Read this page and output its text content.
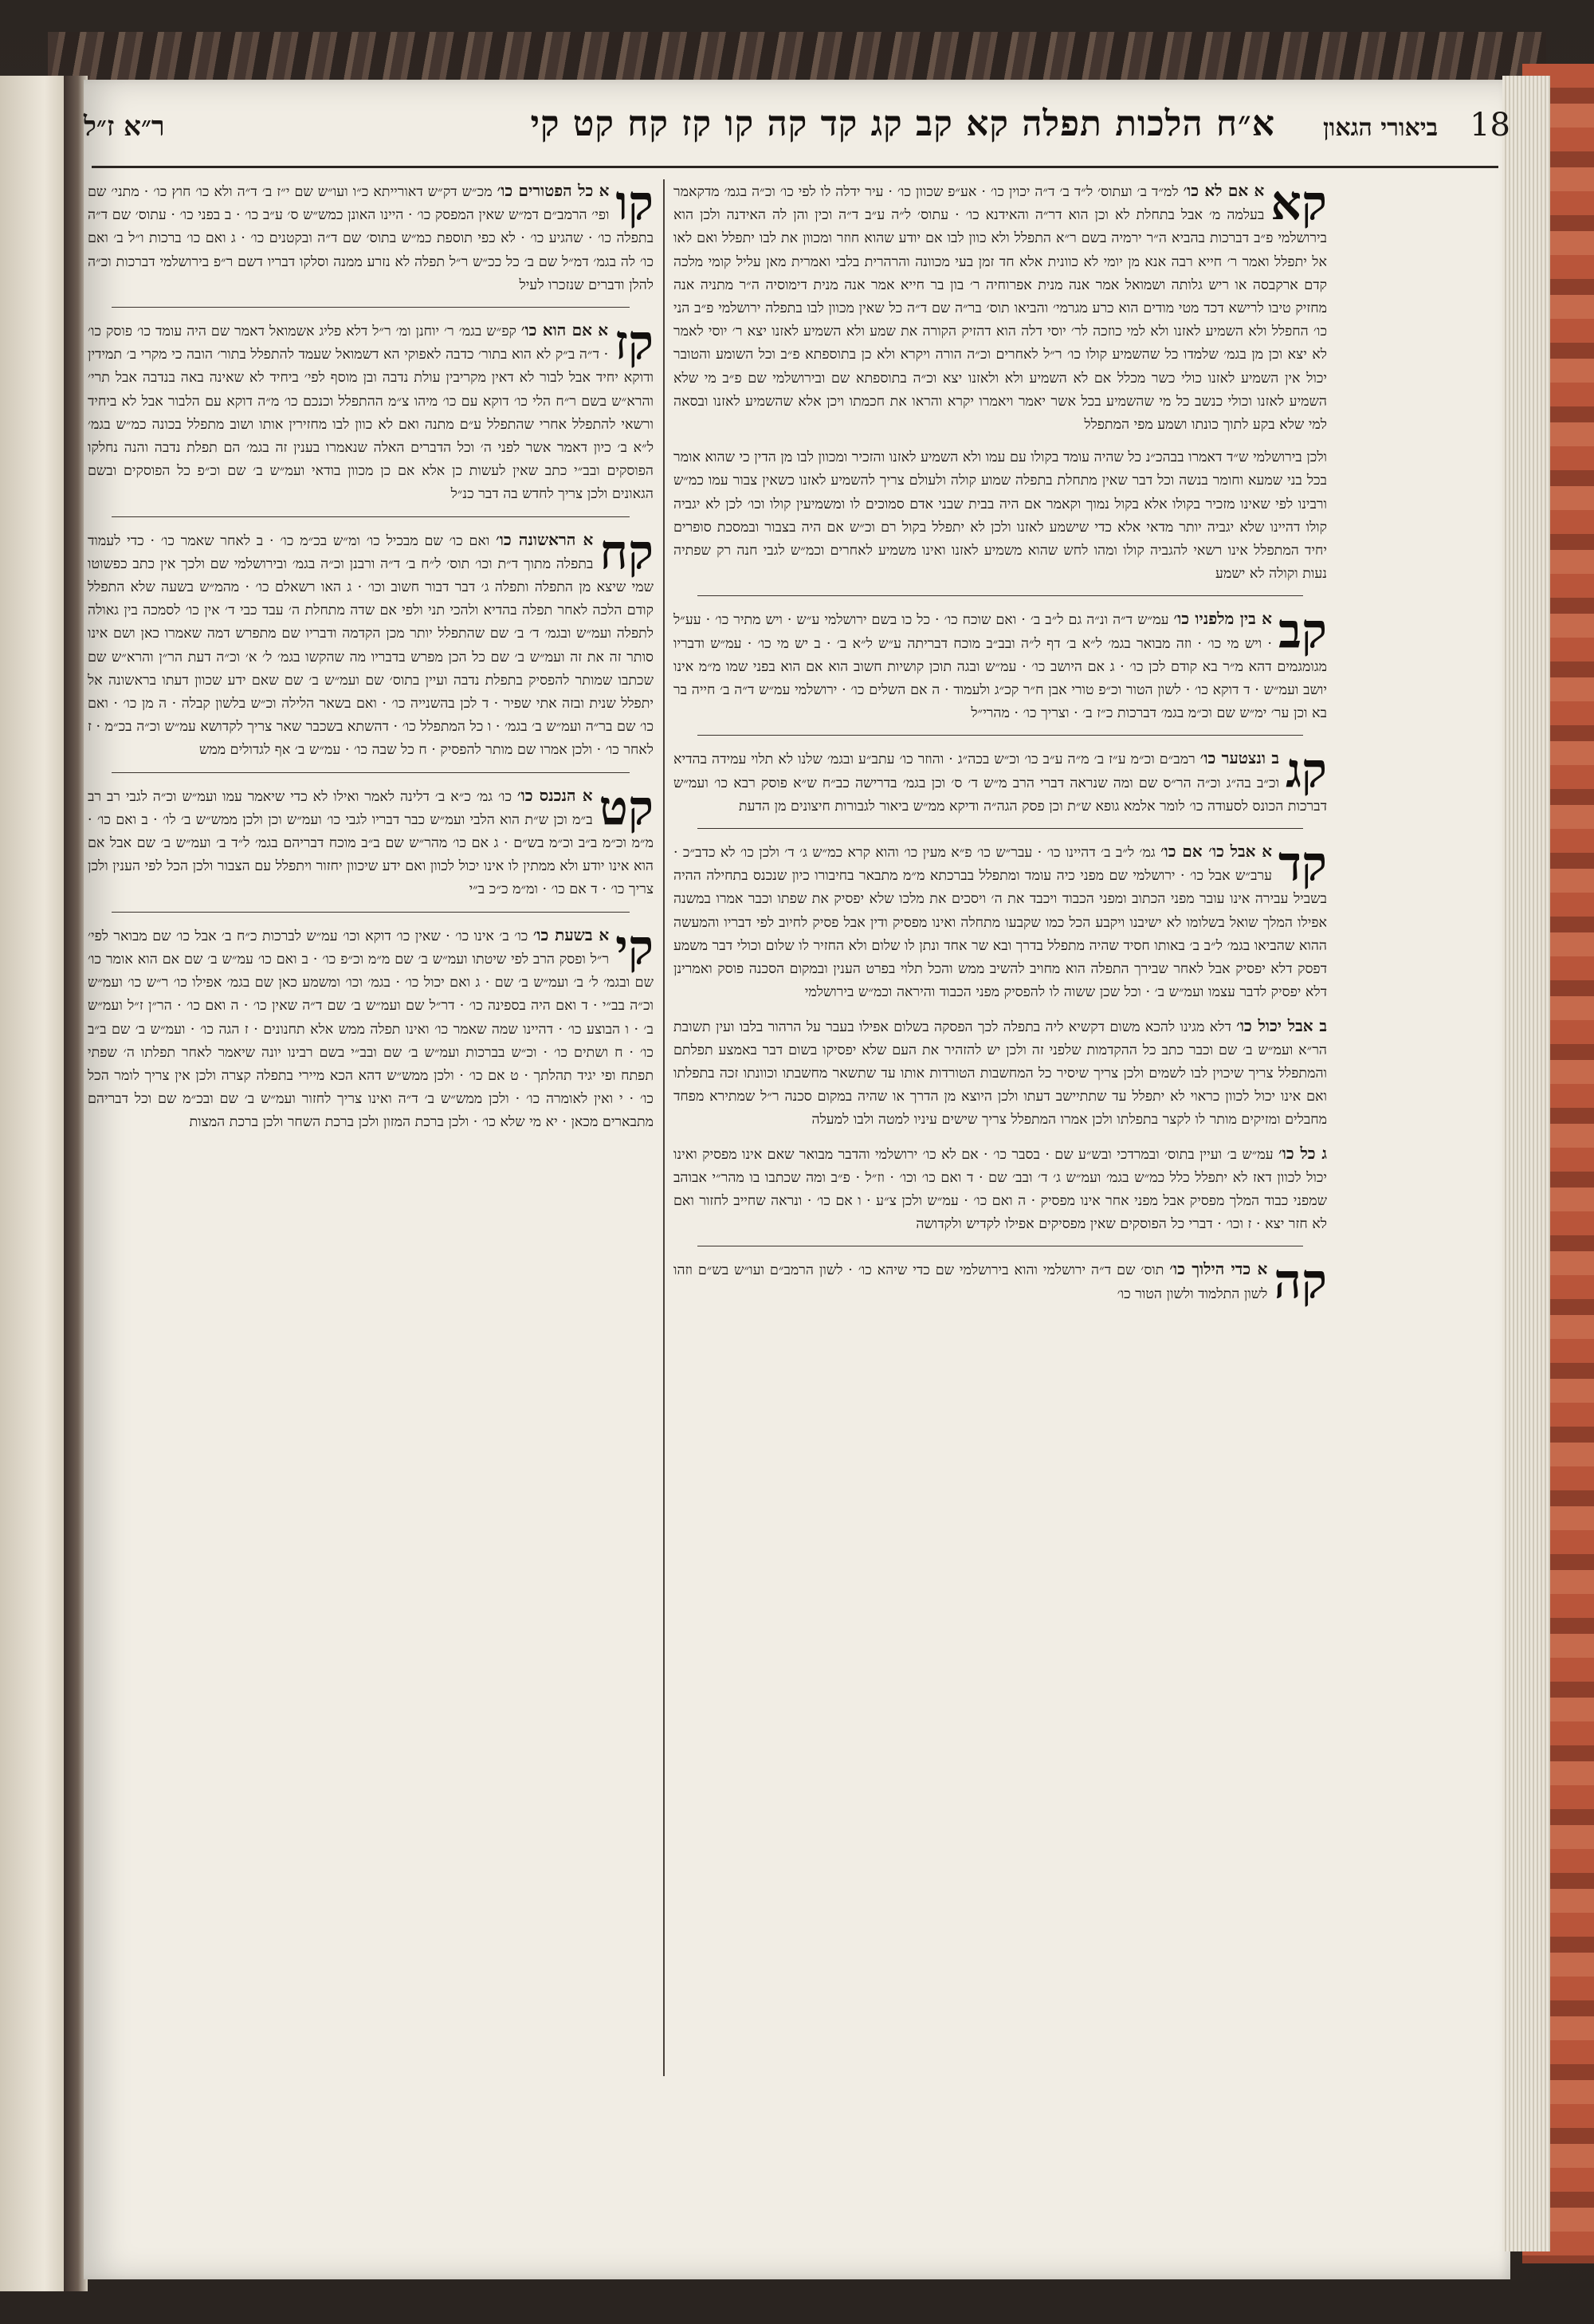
18
ביאורי הגאון
א״ח הלכות תפלה קא קב קג קד קה קו קז קח קט קי
ר״א ז״ל

קא
א אם לא כו׳ למ״ד ב׳ ועתוס׳ ל״ד ב׳ ד״ה יכוין כו׳ · אע״פ שכוון כו׳ · עיר ידלה לו לפי כו׳ וכ״ה בגמ׳ מדקאמר בעלמה מ׳ אבל בתחלת לא וכן הוא דר״ה והאידנא כו׳ · עתוס׳ ל״ה ע״ב ד״ה וכין והן לה האידנה ולכן הוא בירושלמי פ״ב דברכות בהביא ה״ר ירמיה בשם ר״א התפלל ולא כוון לבו אם יודע שהוא חוזר ומכוון את לבו יתפלל ואם לאו אל יתפלל ואמר ר׳ חייא רבה אנא מן יומי לא כוונית אלא חד זמן בעי מכוונה והרהרית בלבי ואמרית מאן עליל קומי מלכה קדם ארקבסה או ריש גלותה ושמואל אמר אנה מנית אפרוחיה ר׳ בון בר חייא אמר אנה מנית דימוסיה ה״ר מתניה אנה מחזיק טיבו לרישא דכד מטי מודים הוא כרע מגרמי׳ והביאו תוס׳ בר״ה שם ד״ה כל שאין מכוון לבו בתפלה ירושלמי פ״ב הני כו׳ החפלל ולא השמיע לאזנו ולא למי כוזכה לר׳ יוסי דלה הוא דהזיק הקורה את שמע ולא השמיע לאזנו יצא ר׳ יוסי לאמר לא יצא וכן מן בגמ׳ שלמדו כל שהשמיע קולו כו׳ ר״ל לאחרים וכ״ה הורה ויקרא ולא כן בתוספתא פ״ב וכל השומע והטובר יכול אין השמיע לאזנו כולי כשר מכלל אם לא השמיע ולא ולאזנו יצא וכ״ה בתוספתא שם ובירושלמי שם פ״ב מי שלא השמיע לאזנו וכולי כנשב כל מי שהשמיע בכל אשר יאמר ויאמרו יקרא והראו את חכמתו ויכן אלא שהשמיע לאזנו ובסאה למי שלא בקע לתוך כונתו ושמע מפי המתפלל

ולכן בירושלמי ש״ד דאמרו בבהכ״נ כל שהיה עומד בקולו עם עמו ולא השמיע לאזנו והזכיר ומכוון לבו מן הדין כי שהוא אומר בכל בני שמעא וחומר בנשה וכל דבר שאין מתחלת בתפלה שמוע קולה ולעולם צריך להשמיע לאזנו כשאין צבור עמו כמ״ש ורבינו לפי שאינו מזכיר בקולו אלא בקול נמוך וקאמר אם היה בבית שבני אדם סמוכים לו ומשמיעין קולו וכו׳ לכן לא יגביה קולו דהיינו שלא יגביה יותר מדאי אלא כדי שישמע לאזנו ולכן לא יתפלל בקול רם וכ״ש אם היה בצבור ובמסכת סופרים יחיד המתפלל אינו רשאי להגביה קולו ומהו לחש שהוא משמיע לאזנו ואינו משמיע לאחרים וכמ״ש לגבי חנה רק שפתיה נעות וקולה לא ישמע

קב
א בין מלפניו כו׳ עמ״ש ד״ה ונ״ה גם ל״ב ב׳ · ואם שוכח כו׳ · כל כו בשם ירושלמי ע״ש · ויש מתיר כו׳ · עע״ל · ויש מי כו׳ · וזה מבואר בגמ׳ ל״א ב׳ דף ל״ה ובב״ב מוכח דבריתה ע״ש ל״א ב׳ · ב יש מי כו׳ · עמ״ש ודבריו מגומגמים דהא מ״ר בא קודם לכן כו׳ · ג אם היושב כו׳ · עמ״ש ובגה תוכן קושיות חשוב הוא אם הוא בפני שמו מ״מ אינו יושב ועמ״ש · ד דוקא כו׳ · לשון הטור וכ״פ טורי אבן ח״ר קכ״ג ולעמוד · ה אם השלים כו׳ · ירושלמי עמ״ש ד״ה ב׳ חייה בר בא וכן ער׳ ימ״ש שם וכ״מ בגמ׳ דברכות כ״ז ב׳ · וצריך כו׳ · מהרי״ל

קג
ב ונצטער כו׳ רמב״ם וכ״מ ע״ז ב׳ מ״ה ע״ב כו׳ וכ״ש בכה״ג · והוזר כו׳ עתב״ע ובגמ׳ שלנו לא תלוי עמידה בהדיא וכ״ב בה״ג וכ״ה הר״ס שם ומה שנראה דברי הרב מ״ש ד׳ ס׳ וכן בגמ׳ בדרישה כב״ח ש״א פוסק רבא כו׳ ועמ״ש דברכות הכונס לסעודה כו׳ לומר אלמא גופא ש״ת וכן פסק הגה״ה ודיקא ממ״ש ביאור לגבורות חיצונים מן הדעת

קד
א אבל כו׳ אם כו׳ גמ׳ ל״ב ב׳ דהיינו כו׳ · עבר״ש כו׳ פ״א מעין כו׳ והוא קרא כמ״ש ג׳ ד׳ ולכן כו׳ לא כדב״כ · ערב״ש אבל כו׳ · ירושלמי שם מפני כיה עומד ומתפלל בברכתא מ״מ מתבאר בחיבורו כיון שנכנס בתחילה ההיה בשביל עבירה אינו עובר מפני הכתוב ומפני הכבוד ויכבד את ה׳ ויסכים את מלכו שלא יפסיק את שפתו וכבר אמרו במשנה אפילו המלך שואל בשלומו לא ישיבנו ויקבע הכל כמו שקבעו מתחלה ואינו מפסיק ודין אבל פסיק לחיוב לפי דבריו והמעשה ההוא שהביאו בגמ׳ ל״ב ב׳ באותו חסיד שהיה מתפלל בדרך ובא שר אחד ונתן לו שלום ולא החזיר לו שלום וכולי דבר משמע דפסק דלא יפסיק אבל לאחר שבירך התפלה הוא מחויב להשיב ממש והכל תלוי בפרט הענין ובמקום הסכנה פוסק ואמרינן דלא יפסיק לדבר עצמו ועמ״ש ב׳ · וכל שכן ששוה לו להפסיק מפני הכבוד והיראה וכמ״ש בירושלמי

ב אבל יכול כו׳ דלא מגינו להכא משום דקשיא ליה בתפלה לכך הפסקה בשלום אפילו בעבר על הרהור בלבו ועין תשובת הר״א ועמ״ש ב׳ שם וכבר כתב כל ההקדמות שלפני זה ולכן יש להזהיר את העם שלא יפסיקו בשום דבר באמצע תפלתם והמתפלל צריך שיכוין לבו לשמים ולכן צריך שיסיר כל המחשבות הטורדות אותו עד שתשאר מחשבתו וכוונתו זכה בתפלתו ואם אינו יכול לכוון כראוי לא יתפלל עד שתתיישב דעתו ולכן היוצא מן הדרך או שהיה במקום סכנה ר״ל שמתירא מפחד מחבלים ומזיקים מותר לו לקצר בתפלתו ולכן אמרו המתפלל צריך שישים עיניו למטה ולבו למעלה

ג כל כו׳ עמ״ש ב׳ ועיין בתוס׳ ובמרדכי ובש״ע שם · בסבר כו׳ · אם לא כו׳ ירושלמי והדבר מבואר שאם אינו מפסיק ואינו יכול לכוון דאז לא יתפלל כלל כמ״ש בגמ׳ ועמ״ש ג׳ ד׳ ובב׳ שם · ד ואם כו׳ וכו׳ · וז״ל · פ״ב ומה שכתבו בו מהר״י אבוהב שמפני כבוד המלך מפסיק אבל מפני אחר אינו מפסיק · ה ואם כו׳ · עמ״ש ולכן צ״ע · ו אם כו׳ · ונראה שחייב לחזור ואם לא חזר יצא · ז וכו׳ · דברי כל הפוסקים שאין מפסיקים אפילו לקדיש ולקדושה

קה
א כדי הילוך כו׳ תוס׳ שם ד״ה ירושלמי והוא בירושלמי שם כדי שיהא כו׳ · לשון הרמב״ם ועו״ש בש״ם וזהו לשון התלמוד ולשון הטור כו׳

קו
א כל הפטורים כו׳ מכ״ש דק״ש דאורייתא כ״ו ועו״ש שם י״ז ב׳ ד״ה ולא כו׳ חוץ כו׳ · מתני׳ שם ופי׳ הרמב״ם דמ״ש שאין המפסק כו׳ · היינו האונן כמש״ש ס׳ ע״ב כו׳ · ב בפני כו׳ · עתוס׳ שם ד״ה בתפלה כו׳ · שהגיע כו׳ · לא כפי תוספת כמ״ש בתוס׳ שם ד״ה ובקטנים כו׳ · ג ואם כו׳ ברכות ו״ל ב׳ ואם כו׳ לה בגמ׳ דמ״ל שם ב׳ כל ככ״ש ר״ל תפלה לא נזרע ממנה וסלקו דבריו דשם ר״פ בירושלמי דברכות וכ״ה להלן ודברים שנזכרו לעיל

קז
א אם הוא כו׳ קפ״ש בגמ׳ ר׳ יוחנן ומ׳ ר״ל דלא פליג אשמואל דאמר שם היה עומד כו׳ פוסק כו׳ · ד״ה ב״ק לא הוא בתור׳ כדבה לאפוקי הא דשמואל שעמד להתפלל בתור׳ הובה כי מקרי ב׳ תמידין ודוקא יחיד אבל לבור לא דאין מקריבין עולת נדבה ובן מוסף לפי׳ ביחיד לא שאינה באה בנדבה אבל תרי׳ והרא״ש בשם ר״ח הלי כו׳ דוקא עם כו׳ מיהו צ״מ ההתפלל וכנכם כו׳ מ״ה דוקא עם הלבור אבל לא ביחיד ורשאי להתפלל אחרי שהתפלל ע״ם מתנה ואם לא כוון לבו מחזירין אותו ושוב מתפלל בכונה כמ״ש בגמ׳ ל״א ב׳ כיון דאמר אשר לפני ה׳ וכל הדברים האלה שנאמרו בענין זה בגמ׳ הם תפלת נדבה והנה נחלקו הפוסקים ובב״י כתב שאין לעשות כן אלא אם כן מכוון בודאי ועמ״ש ב׳ שם וכ״פ כל הפוסקים ובשם הגאונים ולכן צריך לחדש בה דבר כנ״ל

קח
א הראשונה כו׳ ואם כו׳ שם מבכיל כו׳ ומ״ש בכ״מ כו׳ · ב לאחר שאמר כו׳ · כדי לעמוד בתפלה מתוך ד״ת וכו׳ תוס׳ ל״ח ב׳ ד״ה ורבנן וכ״ה בגמ׳ ובירושלמי שם ולכך אין כתב כפשוטו שמי שיצא מן התפלה ותפלה ג׳ דבר דבור חשוב וכו׳ · ג האו רשאלם כו׳ · מהמ״ש בשעה שלא התפלל קודם הלכה לאחר תפלה בהדיא ולהכי תני ולפי אם שדה מתחלת ה׳ עבד כבי ד׳ אין כו׳ לסמכה בין גאולה לתפלה ועמ״ש ובגמ׳ ד׳ ב׳ שם שהתפלל יותר מכן הקדמה ודבריו שם מתפרש דמה שאמרו כאן ושם אינו סותר זה את זה ועמ״ש ב׳ שם כל הכן מפרש בדבריו מה שהקשו בגמ׳ ל׳ א׳ וכ״ה דעת הר״ן והרא״ש שם שכתבו שמותר להפסיק בתפלת נדבה ועיין בתוס׳ שם ועמ״ש ב׳ שם שאם ידע שכוון דעתו בראשונה אל יתפלל שנית ובזה אתי שפיר · ד לכן בהשנייה כו׳ · ואם בשאר הלילה וכ״ש בלשון קבלה · ה מן כו׳ · ואם כו׳ שם בר״ה ועמ״ש ב׳ בגמ׳ · ו כל המתפלל כו׳ · דהשתא בשכבר שאר צריך לקדושא עמ״ש וכ״ה בכ״מ · ז לאחר כו׳ · ולכן אמרו שם מותר להפסיק · ח כל שבה כו׳ · עמ״ש ב׳ אף לגדולים ממש

קט
א הנכנס כו׳ כו׳ גמ׳ כ״א ב׳ דלינה לאמר ואילו לא כדי שיאמר עמו ועמ״ש וכ״ה לגבי רב רב ב״מ וכן ש״ת הוא הלבי ועמ״ש כבר דבריו לגבי כו׳ ועמ״ש וכן ולכן ממש״ש ב׳ לו׳ · ב ואם כו׳ · מ״מ וכ״מ ב״ב וכ״מ בש״ם · ג אם כו׳ מהר״ש שם ב״ב מוכח דבריהם בגמ׳ ל״ד ב׳ ועמ״ש ב׳ שם אבל אם הוא אינו יודע ולא ממתין לו אינו יכול לכוון ואם ידע שיכוון יחזור ויתפלל עם הצבור ולכן הכל לפי הענין ולכן צריך כו׳ · ד אם כו׳ · ומ״מ כ״כ ב״י

קי
א בשעת כו׳ כו׳ ב׳ אינו כו׳ · שאין כו׳ דוקא וכו׳ עמ״ש לברכות כ״ח ב׳ אבל כו׳ שם מבואר לפי׳ ר״ל ופסק הרב לפי שיטתו ועמ״ש ב׳ שם מ״מ וכ״פ כו׳ · ב ואם כו׳ עמ״ש ב׳ שם אם הוא אומר כו׳ שם ובגמ׳ ל׳ ב׳ ועמ״ש ב׳ שם · ג ואם יכול כו׳ · בגמ׳ וכו׳ ומשמע כאן שם בגמ׳ אפילו כו׳ ר״ש כו׳ ועמ״ש וכ״ה בב״י · ד ואם היה בספינה כו׳ · דר״ל שם ועמ״ש ב׳ שם ד״ה שאין כו׳ · ה ואם כו׳ · הר״ן ז״ל ועמ״ש ב׳ · ו הבוצע כו׳ · דהיינו שמה שאמר כו׳ ואינו תפלה ממש אלא תחנונים · ז הגה כו׳ · ועמ״ש ב׳ שם ב״ב כו׳ · ח ושתים כו׳ · וכ״ש בברכות ועמ״ש ב׳ שם ובב״י בשם רבינו יונה שיאמר לאחר תפלתו ה׳ שפתי תפתח ופי יגיד תהלתך · ט אם כו׳ · ולכן ממש״ש דהא הכא מיירי בתפלה קצרה ולכן אין צריך לומר הכל כו׳ · י ואין לאומרה כו׳ · ולכן ממש״ש ב׳ ד״ה ואינו צריך לחזור ועמ״ש ב׳ שם ובכ״מ שם וכל דבריהם מתבארים מכאן · יא מי שלא כו׳ · ולכן ברכת המזון ולכן ברכת השחר ולכן ברכת המצות
